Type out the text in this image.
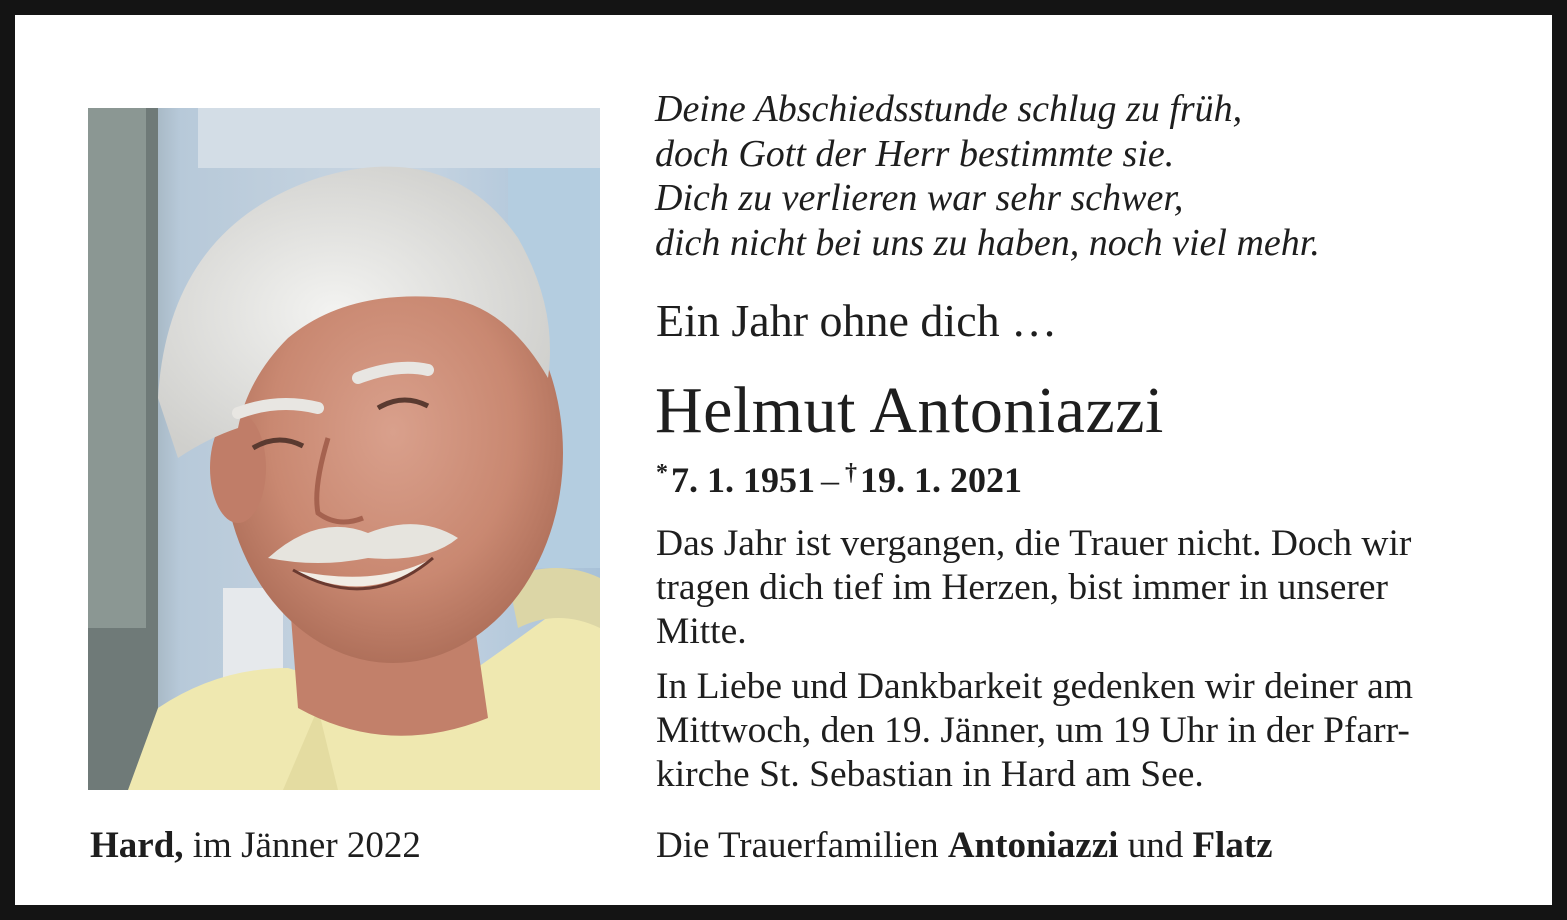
Deine Abschiedsstunde schlug zu früh,
doch Gott der Herr bestimmte sie.
Dich zu verlieren war sehr schwer,
dich nicht bei uns zu haben, noch viel mehr.
Ein Jahr ohne dich …
Helmut Antoniazzi
*7. 1. 1951 – †19. 1. 2021
Das Jahr ist vergangen, die Trauer nicht. Doch wir
tragen dich tief im Herzen, bist immer in unserer
Mitte.
In Liebe und Dankbarkeit gedenken wir deiner am
Mittwoch, den 19. Jänner, um 19 Uhr in der Pfarr-
kirche St. Sebastian in Hard am See.
Hard, im Jänner 2022	Die Trauerfamilien Antoniazzi und Flatz
